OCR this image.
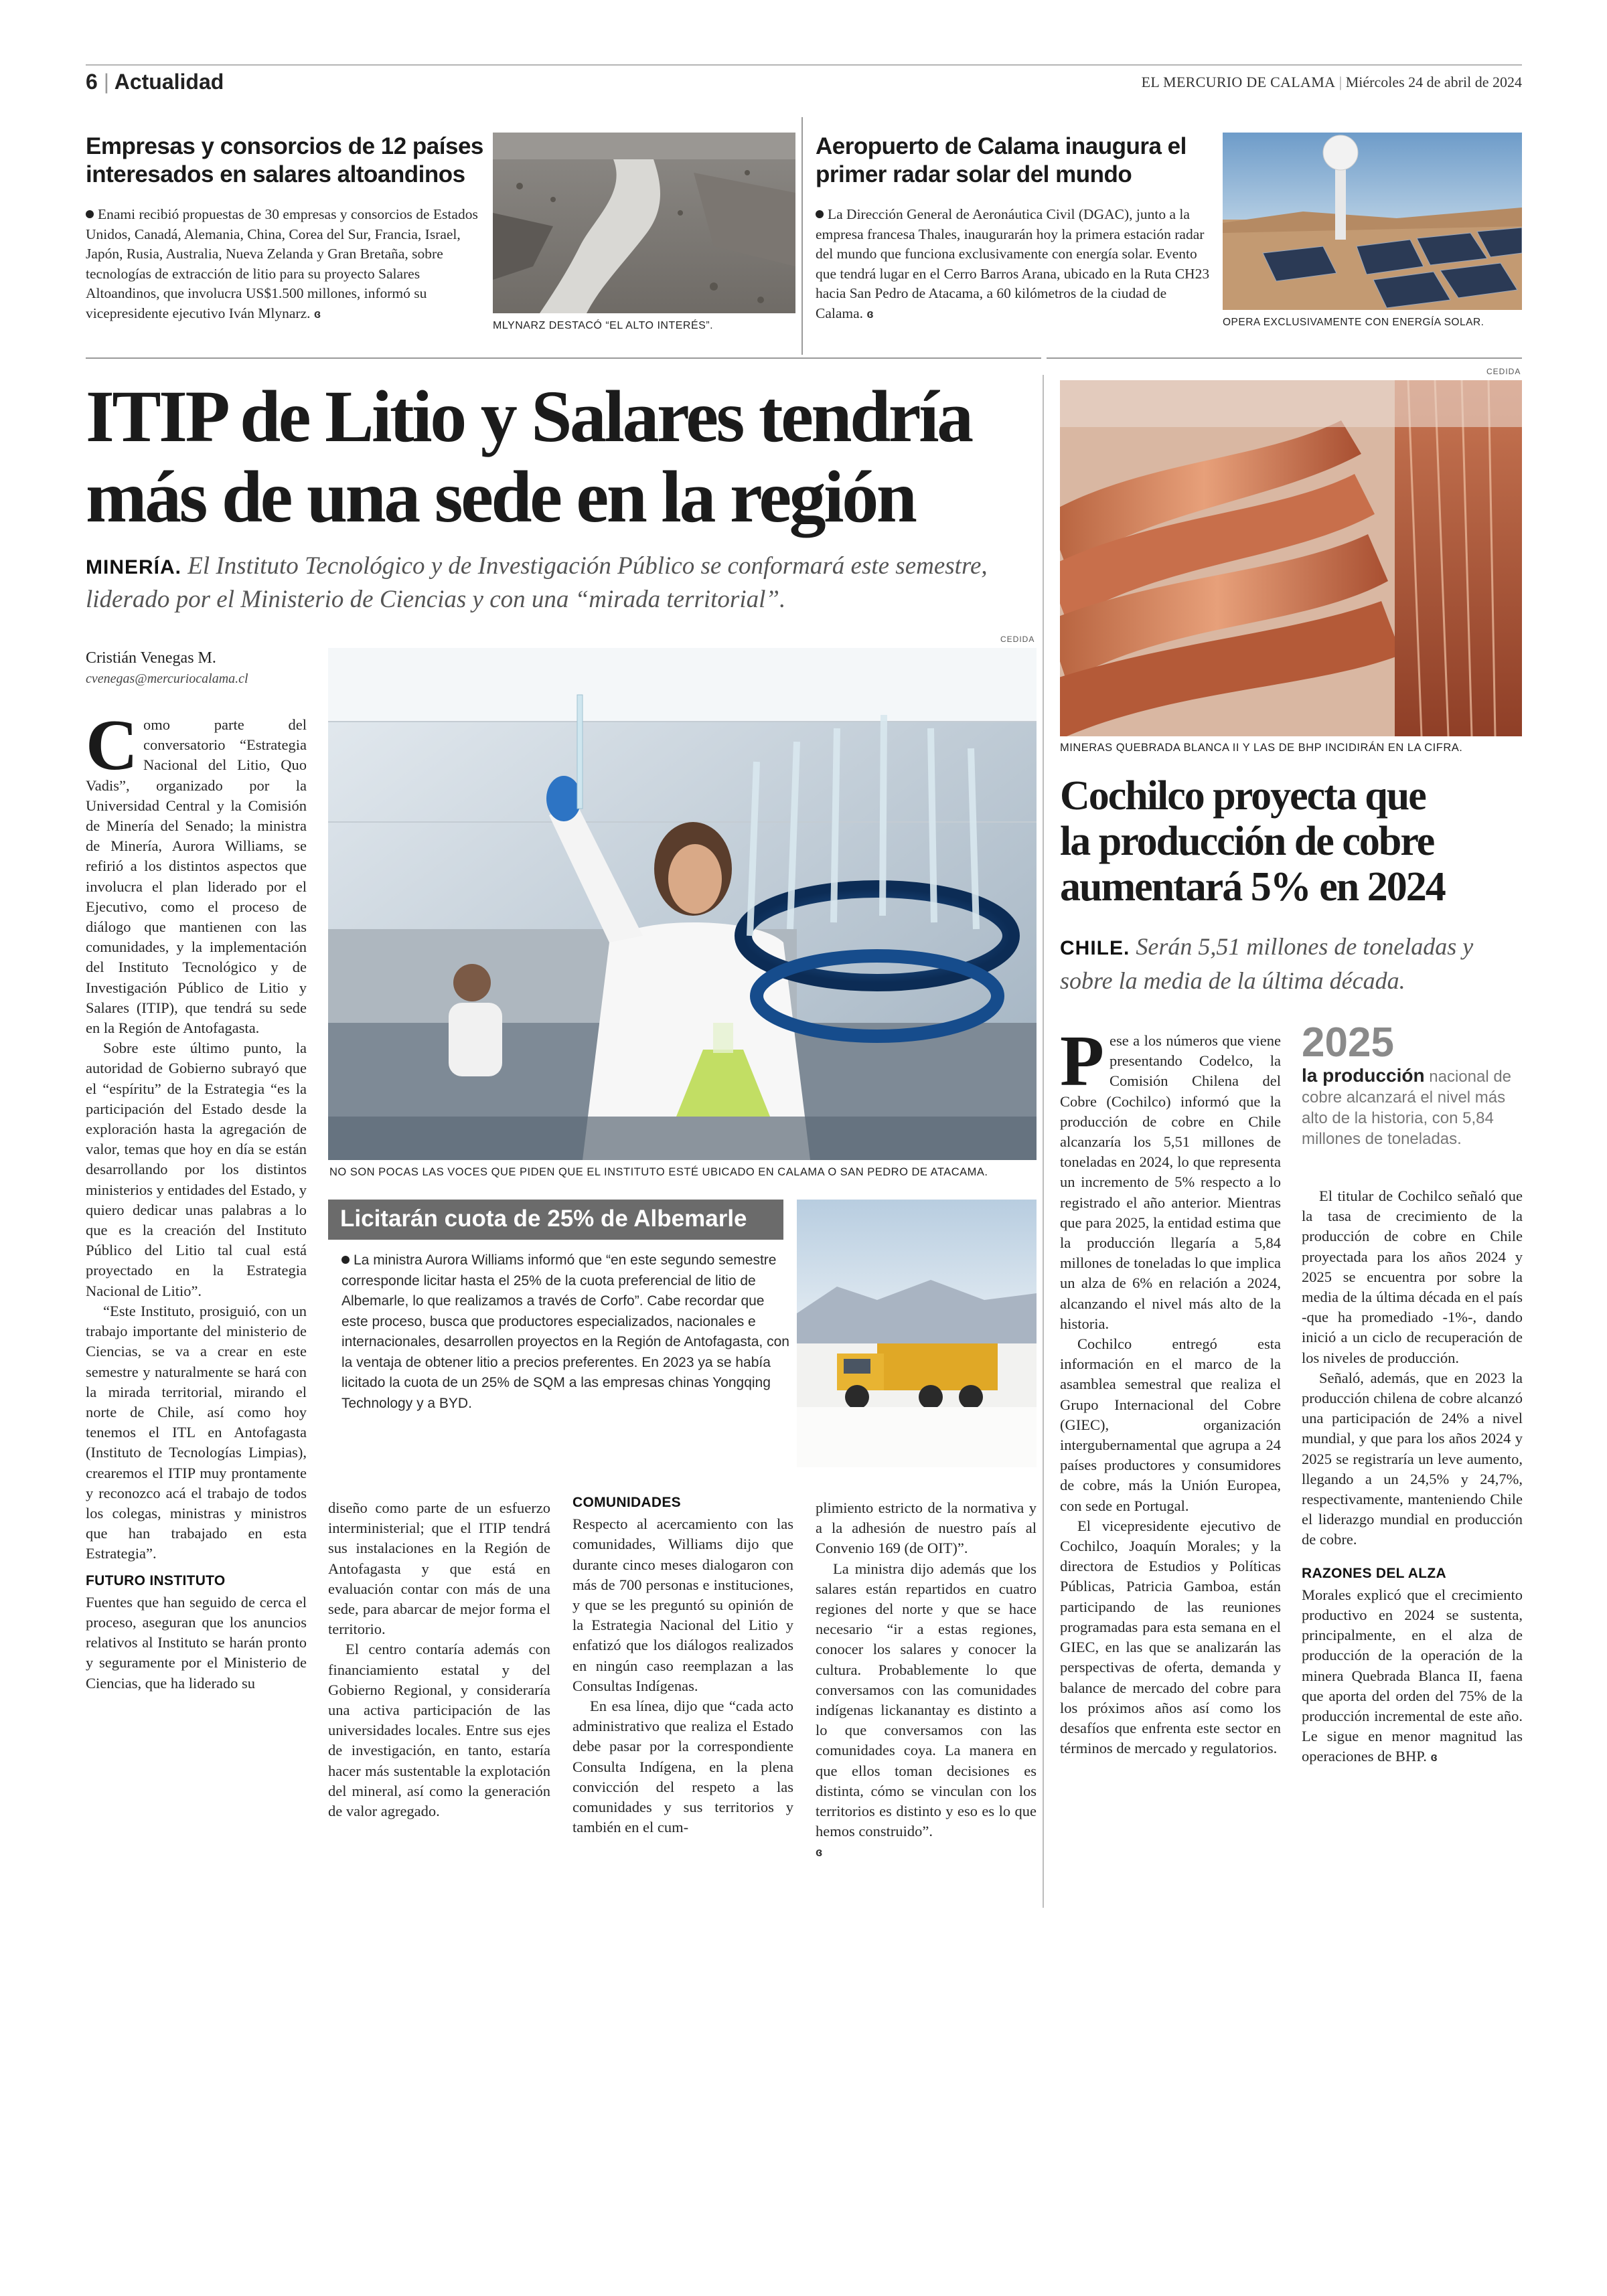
6 | Actualidad	EL MERCURIO DE CALAMA | Miércoles 24 de abril de 2024
Empresas y consorcios de 12 países interesados en salares altoandinos
Enami recibió propuestas de 30 empresas y consorcios de Estados Unidos, Canadá, Alemania, China, Corea del Sur, Francia, Israel, Japón, Rusia, Australia, Nueva Zelanda y Gran Bretaña, sobre tecnologías de extracción de litio para su proyecto Salares Altoandinos, que involucra US$1.500 millones, informó su vicepresidente ejecutivo Iván Mlynarz. ɞ
MLYNARZ DESTACÓ “EL ALTO INTERÉS”.
Aeropuerto de Calama inaugura el primer radar solar del mundo
La Dirección General de Aeronáutica Civil (DGAC), junto a la empresa francesa Thales, inaugurarán hoy la primera estación radar del mundo que funciona exclusivamente con energía solar. Evento que tendrá lugar en el Cerro Barros Arana, ubicado en la Ruta CH23 hacia San Pedro de Atacama, a 60 kilómetros de la ciudad de Calama. ɞ
OPERA EXCLUSIVAMENTE CON ENERGÍA SOLAR.
ITIP de Litio y Salares tendría
más de una sede en la región
MINERÍA. El Instituto Tecnológico y de Investigación Público se conformará este semestre, liderado por el Ministerio de Ciencias y con una “mirada territorial”.
Cristián Venegas M.
cvenegas@mercuriocalama.cl

Como parte del conversatorio “Estrategia Nacional del Litio, Quo Vadis”, organizado por la Universidad Central y la Comisión de Minería del Senado; la ministra de Minería, Aurora Williams, se refirió a los distintos aspectos que involucra el plan liderado por el Ejecutivo, como el proceso de diálogo que mantienen con las comunidades, y la implementación del Instituto Tecnológico y de Investigación Público de Litio y Salares (ITIP), que tendrá su sede en la Región de Antofagasta.

Sobre este último punto, la autoridad de Gobierno subrayó que el “espíritu” de la Estrategia “es la participación del Estado desde la exploración hasta la agregación de valor, temas que hoy en día se están desarrollando por los distintos ministerios y entidades del Estado, y quiero dedicar unas palabras a lo que es la creación del Instituto Público del Litio tal cual está proyectado en la Estrategia Nacional de Litio”.

“Este Instituto, prosiguió, con un trabajo importante del ministerio de Ciencias, se va a crear en este semestre y naturalmente se hará con la mirada territorial, mirando el norte de Chile, así como hoy tenemos el ITL en Antofagasta (Instituto de Tecnologías Limpias), crearemos el ITIP muy prontamente y reconozco acá el trabajo de todos los colegas, ministras y ministros que han trabajado en esta Estrategia”.

FUTURO INSTITUTO

Fuentes que han seguido de cerca el proceso, aseguran que los anuncios relativos al Instituto se harán pronto y seguramente por el Ministerio de Ciencias, que ha liderado su

CEDIDA
NO SON POCAS LAS VOCES QUE PIDEN QUE EL INSTITUTO ESTÉ UBICADO EN CALAMA O SAN PEDRO DE ATACAMA.
Licitarán cuota de 25% de Albemarle
La ministra Aurora Williams informó que “en este segundo semestre corresponde licitar hasta el 25% de la cuota preferencial de litio de Albemarle, lo que realizamos a través de Corfo”. Cabe recordar que este proceso, busca que productores especializados, nacionales e internacionales, desarrollen proyectos en la Región de Antofagasta, con la ventaja de obtener litio a precios preferentes. En 2023 ya se había licitado la cuota de un 25% de SQM a las empresas chinas Yongqing Technology y a BYD.

diseño como parte de un esfuerzo interministerial; que el ITIP tendrá sus instalaciones en la Región de Antofagasta y que está en evaluación contar con más de una sede, para abarcar de mejor forma el territorio.

El centro contaría además con financiamiento estatal y del Gobierno Regional, y consideraría una activa participación de las universidades locales. Entre sus ejes de investigación, en tanto, estaría hacer más sustentable la explotación del mineral, así como la generación de valor agregado.

COMUNIDADES

Respecto al acercamiento con las comunidades, Williams dijo que durante cinco meses dialogaron con más de 700 personas e instituciones, y que se les preguntó su opinión de la Estrategia Nacional del Litio y enfatizó que los diálogos realizados en ningún caso reemplazan a las Consultas Indígenas.

En esa línea, dijo que “cada acto administrativo que realiza el Estado debe pasar por la correspondiente Consulta Indígena, en la plena convicción del respeto a las comunidades y sus territorios y también en el cum-

plimiento estricto de la normativa y a la adhesión de nuestro país al Convenio 169 (de OIT)”.

La ministra dijo además que los salares están repartidos en cuatro regiones del norte y que se hace necesario “ir a estas regiones, conocer los salares y conocer la cultura. Probablemente lo que conversamos con las comunidades indígenas lickanantay es distinto a lo que conversamos con las comunidades coya. La manera en que ellos toman decisiones es distinta, cómo se vinculan con los territorios es distinto y eso es lo que hemos construido”.

ɞ
CEDIDA
MINERAS QUEBRADA BLANCA II Y LAS DE BHP INCIDIRÁN EN LA CIFRA.
Cochilco proyecta que
la producción de cobre
aumentará 5% en 2024
CHILE. Serán 5,51 millones de toneladas y sobre la media de la última década.

Pese a los números que viene presentando Codelco, la Comisión Chilena del Cobre (Cochilco) informó que la producción de cobre en Chile alcanzaría los 5,51 millones de toneladas en 2024, lo que representa un incremento de 5% respecto a lo registrado el año anterior. Mientras que para 2025, la entidad estima que la producción llegaría a 5,84 millones de toneladas lo que implica un alza de 6% en relación a 2024, alcanzando el nivel más alto de la historia.

Cochilco entregó esta información en el marco de la asamblea semestral que realiza el Grupo Internacional del Cobre (GIEC), organización intergubernamental que agrupa a 24 países productores y consumidores de cobre, más la Unión Europea, con sede en Portugal.

El vicepresidente ejecutivo de Cochilco, Joaquín Morales; y la directora de Estudios y Políticas Públicas, Patricia Gamboa, están participando de las reuniones programadas para esta semana en el GIEC, en las que se analizarán las perspectivas de oferta, demanda y balance de mercado del cobre para los próximos años así como los desafíos que enfrenta este sector en términos de mercado y regulatorios.

2025
la producción nacional de cobre alcanzará el nivel más alto de la historia, con 5,84 millones de toneladas.

El titular de Cochilco señaló que la tasa de crecimiento de la producción de cobre en Chile proyectada para los años 2024 y 2025 se encuentra por sobre la media de la última década en el país -que ha promediado -1%-, dando inició a un ciclo de recuperación de los niveles de producción.

Señaló, además, que en 2023 la producción chilena de cobre alcanzó una participación de 24% a nivel mundial, y que para los años 2024 y 2025 se registraría un leve aumento, llegando a un 24,5% y 24,7%, respectivamente, manteniendo Chile el liderazgo mundial en producción de cobre.

RAZONES DEL ALZA

Morales explicó que el crecimiento productivo en 2024 se sustenta, principalmente, en el alza de producción de la operación de la minera Quebrada Blanca II, faena que aporta del orden del 75% de la producción incremental de este año. Le sigue en menor magnitud las operaciones de BHP. ɞ
